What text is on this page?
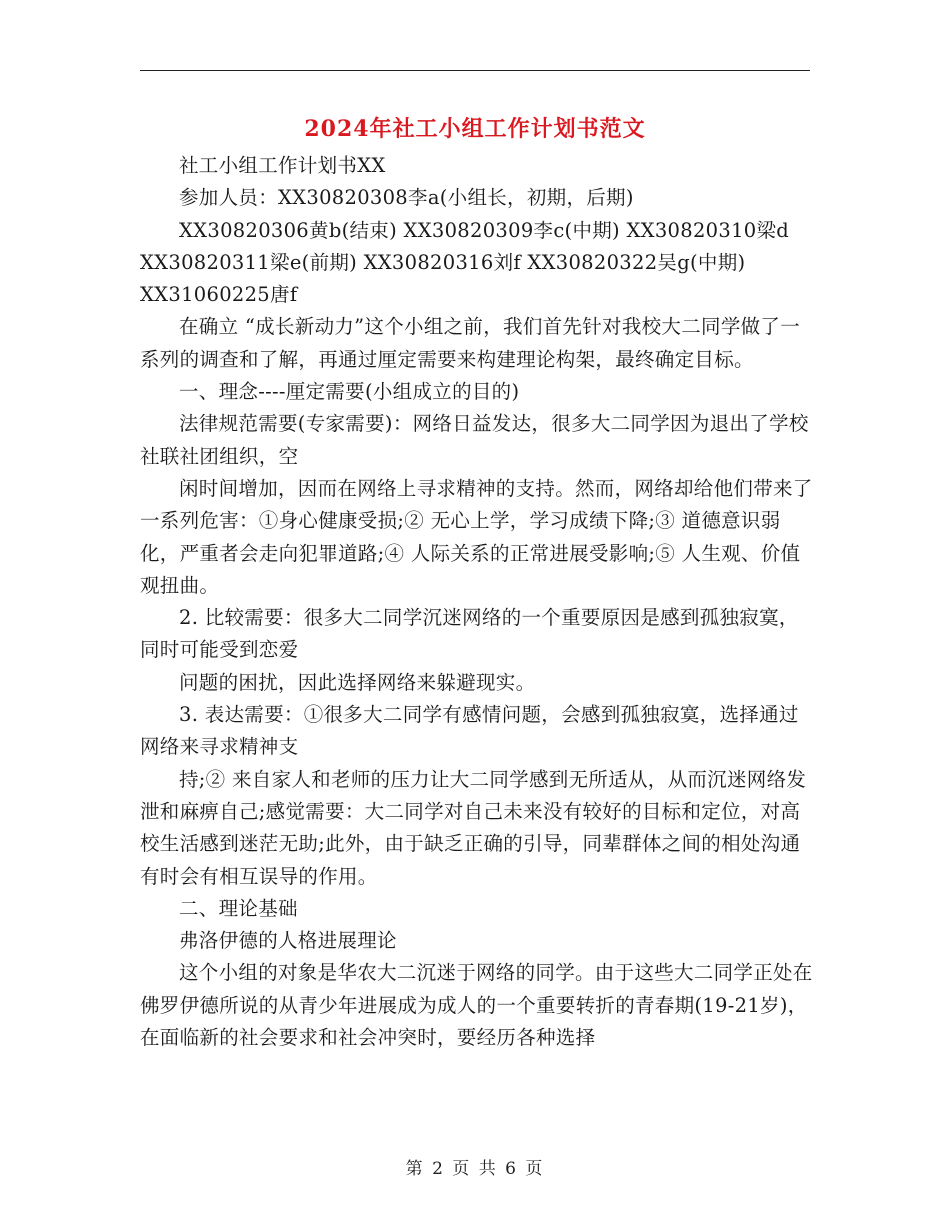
2024年社工小组工作计划书范文

社工小组工作计划书XX

参加人员：XX30820308李a(小组长，初期，后期)

XX30820306黄b(结束) XX30820309李c(中期) XX30820310梁d XX30820311梁e(前期) XX30820316刘f XX30820322吴g(中期) XX31060225唐f

在确立 “成长新动力”这个小组之前，我们首先针对我校大二同学做了一系列的调查和了解，再通过厘定需要来构建理论构架，最终确定目标。

一、理念----厘定需要(小组成立的目的)

法律规范需要(专家需要)：网络日益发达，很多大二同学因为退出了学校社联社团组织，空

闲时间增加，因而在网络上寻求精神的支持。然而，网络却给他们带来了一系列危害：①身心健康受损;② 无心上学，学习成绩下降;③ 道德意识弱化，严重者会走向犯罪道路;④ 人际关系的正常进展受影响;⑤ 人生观、价值观扭曲。

2. 比较需要：很多大二同学沉迷网络的一个重要原因是感到孤独寂寞，同时可能受到恋爱

问题的困扰，因此选择网络来躲避现实。

3. 表达需要：①很多大二同学有感情问题，会感到孤独寂寞，选择通过网络来寻求精神支

持;② 来自家人和老师的压力让大二同学感到无所适从，从而沉迷网络发泄和麻痹自己;感觉需要：大二同学对自己未来没有较好的目标和定位，对高校生活感到迷茫无助;此外，由于缺乏正确的引导，同辈群体之间的相处沟通有时会有相互误导的作用。

二、理论基础

弗洛伊德的人格进展理论

这个小组的对象是华农大二沉迷于网络的同学。由于这些大二同学正处在佛罗伊德所说的从青少年进展成为成人的一个重要转折的青春期(19-21岁)，在面临新的社会要求和社会冲突时，要经历各种选择

第 2 页 共 6 页
